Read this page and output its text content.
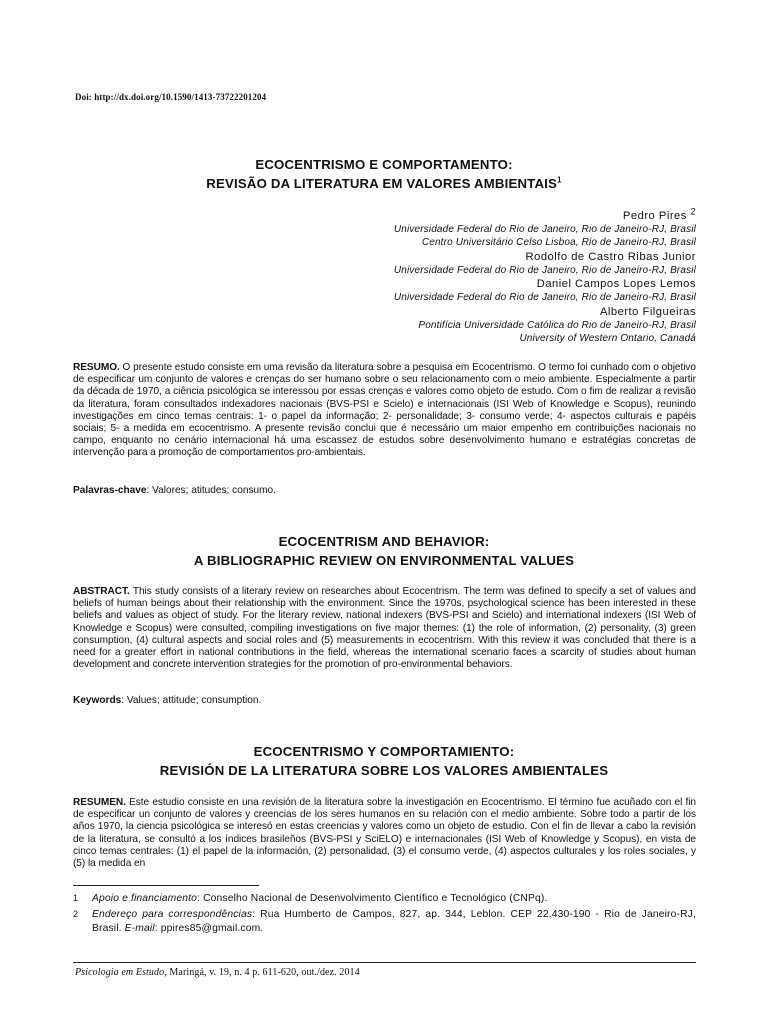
Doi: http://dx.doi.org/10.1590/1413-73722201204
ECOCENTRISMO E COMPORTAMENTO:
REVISÃO DA LITERATURA EM VALORES AMBIENTAIS$^1$
Pedro Pires $^2$
Universidade Federal do Rio de Janeiro, Rio de Janeiro-RJ, Brasil
Centro Universitário Celso Lisboa, Rio de Janeiro-RJ, Brasil
Rodolfo de Castro Ribas Junior
Universidade Federal do Rio de Janeiro, Rio de Janeiro-RJ, Brasil
Daniel Campos Lopes Lemos
Universidade Federal do Rio de Janeiro, Rio de Janeiro-RJ, Brasil
Alberto Filgueiras
Pontifícia Universidade Católica do Rio de Janeiro-RJ, Brasil
University of Western Ontario, Canadá
RESUMO. O presente estudo consiste em uma revisão da literatura sobre a pesquisa em Ecocentrismo. O termo foi cunhado com o objetivo de especificar um conjunto de valores e crenças do ser humano sobre o seu relacionamento com o meio ambiente. Especialmente a partir da década de 1970, a ciência psicológica se interessou por essas crenças e valores como objeto de estudo. Com o fim de realizar a revisão da literatura, foram consultados indexadores nacionais (BVS-PSI e Scielo) e internacionais (ISI Web of Knowledge e Scopus), reunindo investigações em cinco temas centrais: 1- o papel da informação; 2- personalidade; 3- consumo verde; 4- aspectos culturais e papéis sociais; 5- a medida em ecocentrismo. A presente revisão conclui que é necessário um maior empenho em contribuições nacionais no campo, enquanto no cenário internacional há uma escassez de estudos sobre desenvolvimento humano e estratégias concretas de intervenção para a promoção de comportamentos pro-ambientais.
Palavras-chave: Valores; atitudes; consumo.
ECOCENTRISM AND BEHAVIOR:
A BIBLIOGRAPHIC REVIEW ON ENVIRONMENTAL VALUES
ABSTRACT. This study consists of a literary review on researches about Ecocentrism. The term was defined to specify a set of values and beliefs of human beings about their relationship with the environment. Since the 1970s, psychological science has been interested in these beliefs and values as object of study. For the literary review, national indexers (BVS-PSI and Scielo) and international indexers (ISI Web of Knowledge e Scopus) were consulted, compiling investigations on five major themes: (1) the role of information, (2) personality, (3) green consumption, (4) cultural aspects and social roles and (5) measurements in ecocentrism. With this review it was concluded that there is a need for a greater effort in national contributions in the field, whereas the international scenario faces a scarcity of studies about human development and concrete intervention strategies for the promotion of pro-environmental behaviors.
Keywords: Values; attitude; consumption.
ECOCENTRISMO Y COMPORTAMIENTO:
REVISIÓN DE LA LITERATURA SOBRE LOS VALORES AMBIENTALES
RESUMEN. Este estudio consiste en una revisión de la literatura sobre la investigación en Ecocentrismo. El término fue acuñado con el fin de especificar un conjunto de valores y creencias de los seres humanos en su relación con el medio ambiente. Sobre todo a partir de los años 1970, la ciencia psicológica se interesó en estas creencias y valores como un objeto de estudio. Con el fin de llevar a cabo la revisión de la literatura, se consultó a los índices brasileños (BVS-PSI y SciELO) e internacionales (ISI Web of Knowledge y Scopus), en vista de cinco temas centrales: (1) el papel de la información, (2) personalidad, (3) el consumo verde, (4) aspectos culturales y los roles sociales, y (5) la medida en
1 Apoio e financiamento: Conselho Nacional de Desenvolvimento Científico e Tecnológico (CNPq).
2 Endereço para correspondências: Rua Humberto de Campos, 827, ap. 344, Leblon. CEP 22.430-190 - Rio de Janeiro-RJ, Brasil. E-mail: ppires85@gmail.com.
Psicologia em Estudo, Maringá, v. 19, n. 4 p. 611-620, out./dez. 2014
